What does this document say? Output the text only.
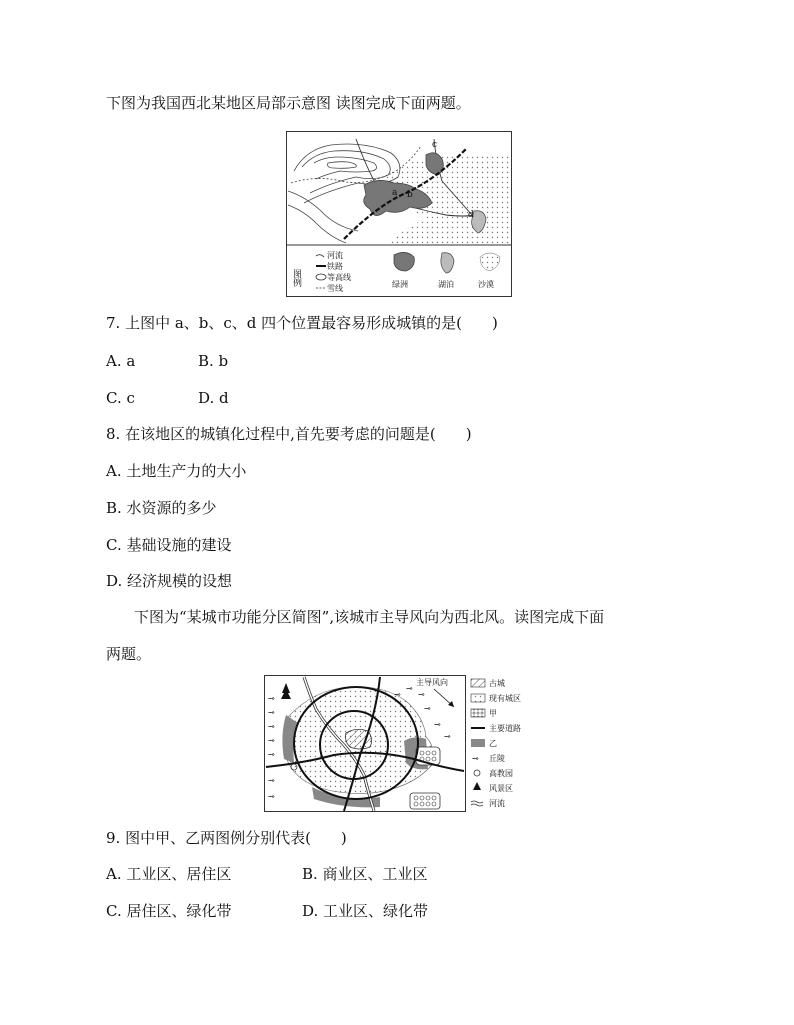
下图为我国西北某地区局部示意图 读图完成下面两题。
a b
c
d
图例
河流
铁路
等高线
雪线	绿洲	湖泊	沙漠
7. 上图中 a、b、c、d 四个位置最容易形成城镇的是(　　)
A. a	B. b
C. c	D. d
8. 在该地区的城镇化过程中,首先要考虑的问题是(　　)
A. 土地生产力的大小
B. 水资源的多少
C. 基础设施的建设
D. 经济规模的设想
下图为“某城市功能分区简图”,该城市主导风向为西北风。读图完成下面
两题。
⊸
⊸
⊸
⊸
⊸
⊸
⊸
⊸
⊸
⊸
⊸
⊸
⊸
主导风向	古城
现有城区
甲
主要道路
乙
⊸ 丘陵
高教园
风景区
河流
9. 图中甲、乙两图例分别代表(　　)
A. 工业区、居住区	B. 商业区、工业区
C. 居住区、绿化带	D. 工业区、绿化带
